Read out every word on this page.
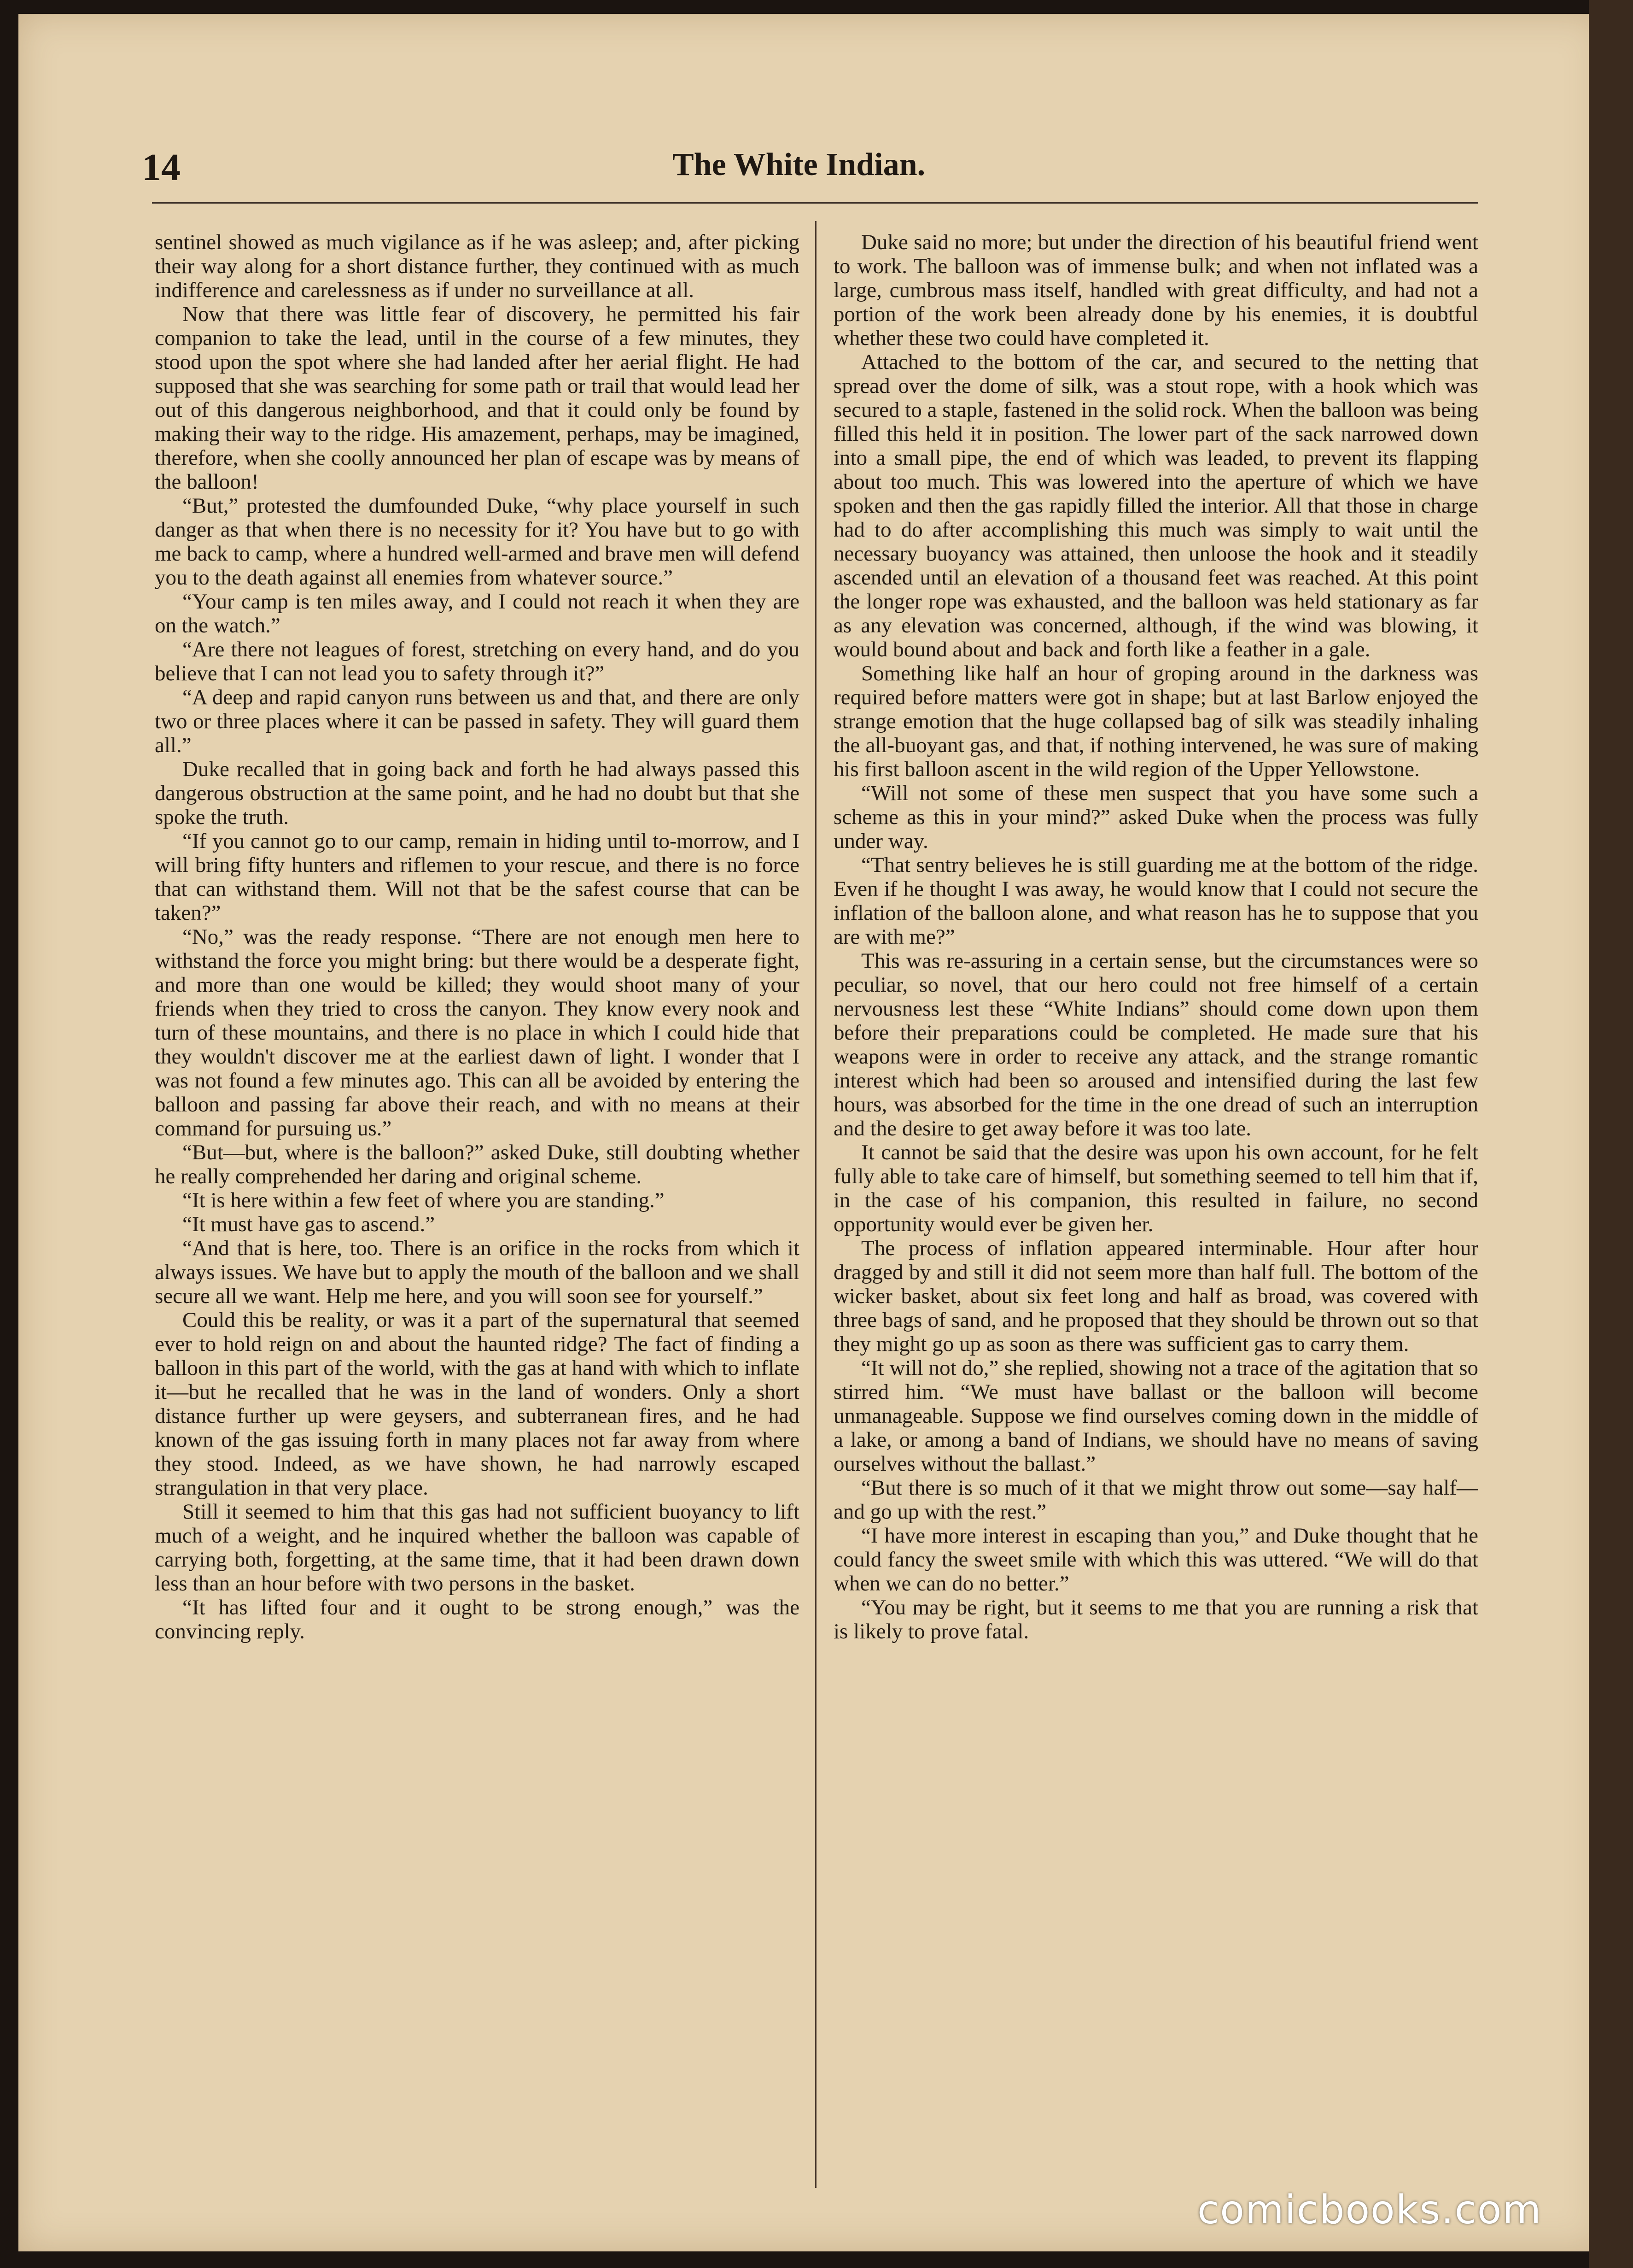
14	The White Indian.

sentinel showed as much vigilance as if he was asleep; and, after picking their way along for a short distance further, they continued with as much indifference and carelessness as if under no surveillance at all.

Now that there was little fear of discovery, he permitted his fair companion to take the lead, until in the course of a few minutes, they stood upon the spot where she had landed after her aerial flight. He had supposed that she was searching for some path or trail that would lead her out of this dangerous neighborhood, and that it could only be found by making their way to the ridge. His amazement, perhaps, may be imagined, therefore, when she coolly announced her plan of escape was by means of the balloon!

“But,” protested the dumfounded Duke, “why place yourself in such danger as that when there is no necessity for it? You have but to go with me back to camp, where a hundred well-armed and brave men will defend you to the death against all enemies from whatever source.”

“Your camp is ten miles away, and I could not reach it when they are on the watch.”

“Are there not leagues of forest, stretching on every hand, and do you believe that I can not lead you to safety through it?”

“A deep and rapid canyon runs between us and that, and there are only two or three places where it can be passed in safety. They will guard them all.”

Duke recalled that in going back and forth he had always passed this dangerous obstruction at the same point, and he had no doubt but that she spoke the truth.

“If you cannot go to our camp, remain in hiding until to-morrow, and I will bring fifty hunters and riflemen to your rescue, and there is no force that can withstand them. Will not that be the safest course that can be taken?”

“No,” was the ready response. “There are not enough men here to withstand the force you might bring: but there would be a desperate fight, and more than one would be killed; they would shoot many of your friends when they tried to cross the canyon. They know every nook and turn of these mountains, and there is no place in which I could hide that they wouldn't discover me at the earliest dawn of light. I wonder that I was not found a few minutes ago. This can all be avoided by entering the balloon and passing far above their reach, and with no means at their command for pursuing us.”

“But—but, where is the balloon?” asked Duke, still doubting whether he really comprehended her daring and original scheme.

“It is here within a few feet of where you are standing.”

“It must have gas to ascend.”

“And that is here, too. There is an orifice in the rocks from which it always issues. We have but to apply the mouth of the balloon and we shall secure all we want. Help me here, and you will soon see for yourself.”

Could this be reality, or was it a part of the supernatural that seemed ever to hold reign on and about the haunted ridge? The fact of finding a balloon in this part of the world, with the gas at hand with which to inflate it—but he recalled that he was in the land of wonders. Only a short distance further up were geysers, and subterranean fires, and he had known of the gas issuing forth in many places not far away from where they stood. Indeed, as we have shown, he had narrowly escaped strangulation in that very place.

Still it seemed to him that this gas had not sufficient buoyancy to lift much of a weight, and he inquired whether the balloon was capable of carrying both, forgetting, at the same time, that it had been drawn down less than an hour before with two persons in the basket.

“It has lifted four and it ought to be strong enough,” was the convincing reply.

Duke said no more; but under the direction of his beautiful friend went to work. The balloon was of immense bulk; and when not inflated was a large, cumbrous mass itself, handled with great difficulty, and had not a portion of the work been already done by his enemies, it is doubtful whether these two could have completed it.

Attached to the bottom of the car, and secured to the netting that spread over the dome of silk, was a stout rope, with a hook which was secured to a staple, fastened in the solid rock. When the balloon was being filled this held it in position. The lower part of the sack narrowed down into a small pipe, the end of which was leaded, to prevent its flapping about too much. This was lowered into the aperture of which we have spoken and then the gas rapidly filled the interior. All that those in charge had to do after accomplishing this much was simply to wait until the necessary buoyancy was attained, then unloose the hook and it steadily ascended until an elevation of a thousand feet was reached. At this point the longer rope was exhausted, and the balloon was held stationary as far as any elevation was concerned, although, if the wind was blowing, it would bound about and back and forth like a feather in a gale.

Something like half an hour of groping around in the darkness was required before matters were got in shape; but at last Barlow enjoyed the strange emotion that the huge collapsed bag of silk was steadily inhaling the all-buoyant gas, and that, if nothing intervened, he was sure of making his first balloon ascent in the wild region of the Upper Yellowstone.

“Will not some of these men suspect that you have some such a scheme as this in your mind?” asked Duke when the process was fully under way.

“That sentry believes he is still guarding me at the bottom of the ridge. Even if he thought I was away, he would know that I could not secure the inflation of the balloon alone, and what reason has he to suppose that you are with me?”

This was re-assuring in a certain sense, but the circumstances were so peculiar, so novel, that our hero could not free himself of a certain nervousness lest these “White Indians” should come down upon them before their preparations could be completed. He made sure that his weapons were in order to receive any attack, and the strange romantic interest which had been so aroused and intensified during the last few hours, was absorbed for the time in the one dread of such an interruption and the desire to get away before it was too late.

It cannot be said that the desire was upon his own account, for he felt fully able to take care of himself, but something seemed to tell him that if, in the case of his companion, this resulted in failure, no second opportunity would ever be given her.

The process of inflation appeared interminable. Hour after hour dragged by and still it did not seem more than half full. The bottom of the wicker basket, about six feet long and half as broad, was covered with three bags of sand, and he proposed that they should be thrown out so that they might go up as soon as there was sufficient gas to carry them.

“It will not do,” she replied, showing not a trace of the agitation that so stirred him. “We must have ballast or the balloon will become unmanageable. Suppose we find ourselves coming down in the middle of a lake, or among a band of Indians, we should have no means of saving ourselves without the ballast.”

“But there is so much of it that we might throw out some—say half—and go up with the rest.”

“I have more interest in escaping than you,” and Duke thought that he could fancy the sweet smile with which this was uttered. “We will do that when we can do no better.”

“You may be right, but it seems to me that you are running a risk that is likely to prove fatal.

comicbooks.com
